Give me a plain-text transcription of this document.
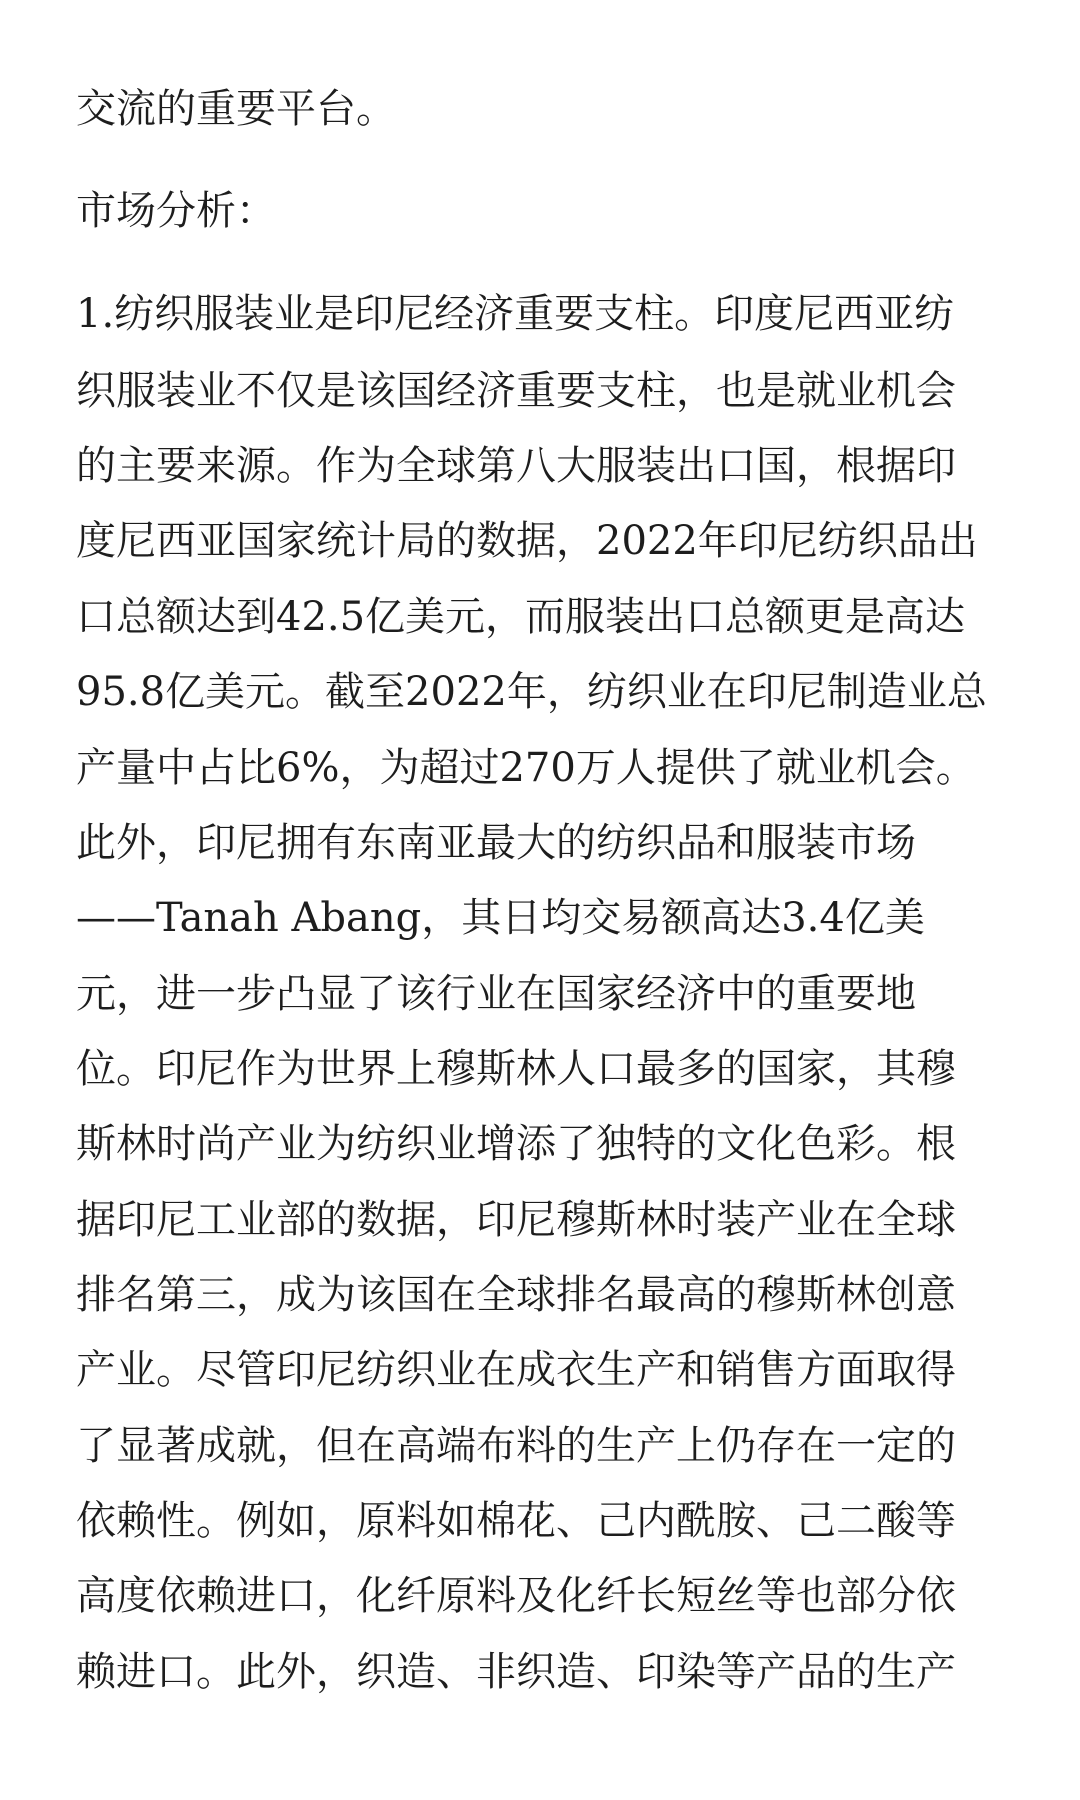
交流的重要平台。

市场分析：

1.纺织服装业是印尼经济重要支柱。印度尼西亚纺

织服装业不仅是该国经济重要支柱，也是就业机会

的主要来源。作为全球第八大服装出口国，根据印

度尼西亚国家统计局的数据，2022年印尼纺织品出

口总额达到42.5亿美元，而服装出口总额更是高达

95.8亿美元。截至2022年，纺织业在印尼制造业总

产量中占比6%，为超过270万人提供了就业机会。

此外，印尼拥有东南亚最大的纺织品和服装市场

——Tanah Abang，其日均交易额高达3.4亿美

元，进一步凸显了该行业在国家经济中的重要地

位。印尼作为世界上穆斯林人口最多的国家，其穆

斯林时尚产业为纺织业增添了独特的文化色彩。根

据印尼工业部的数据，印尼穆斯林时装产业在全球

排名第三，成为该国在全球排名最高的穆斯林创意

产业。尽管印尼纺织业在成衣生产和销售方面取得

了显著成就，但在高端布料的生产上仍存在一定的

依赖性。例如，原料如棉花、己内酰胺、己二酸等

高度依赖进口，化纤原料及化纤长短丝等也部分依

赖进口。此外，织造、非织造、印染等产品的生产
